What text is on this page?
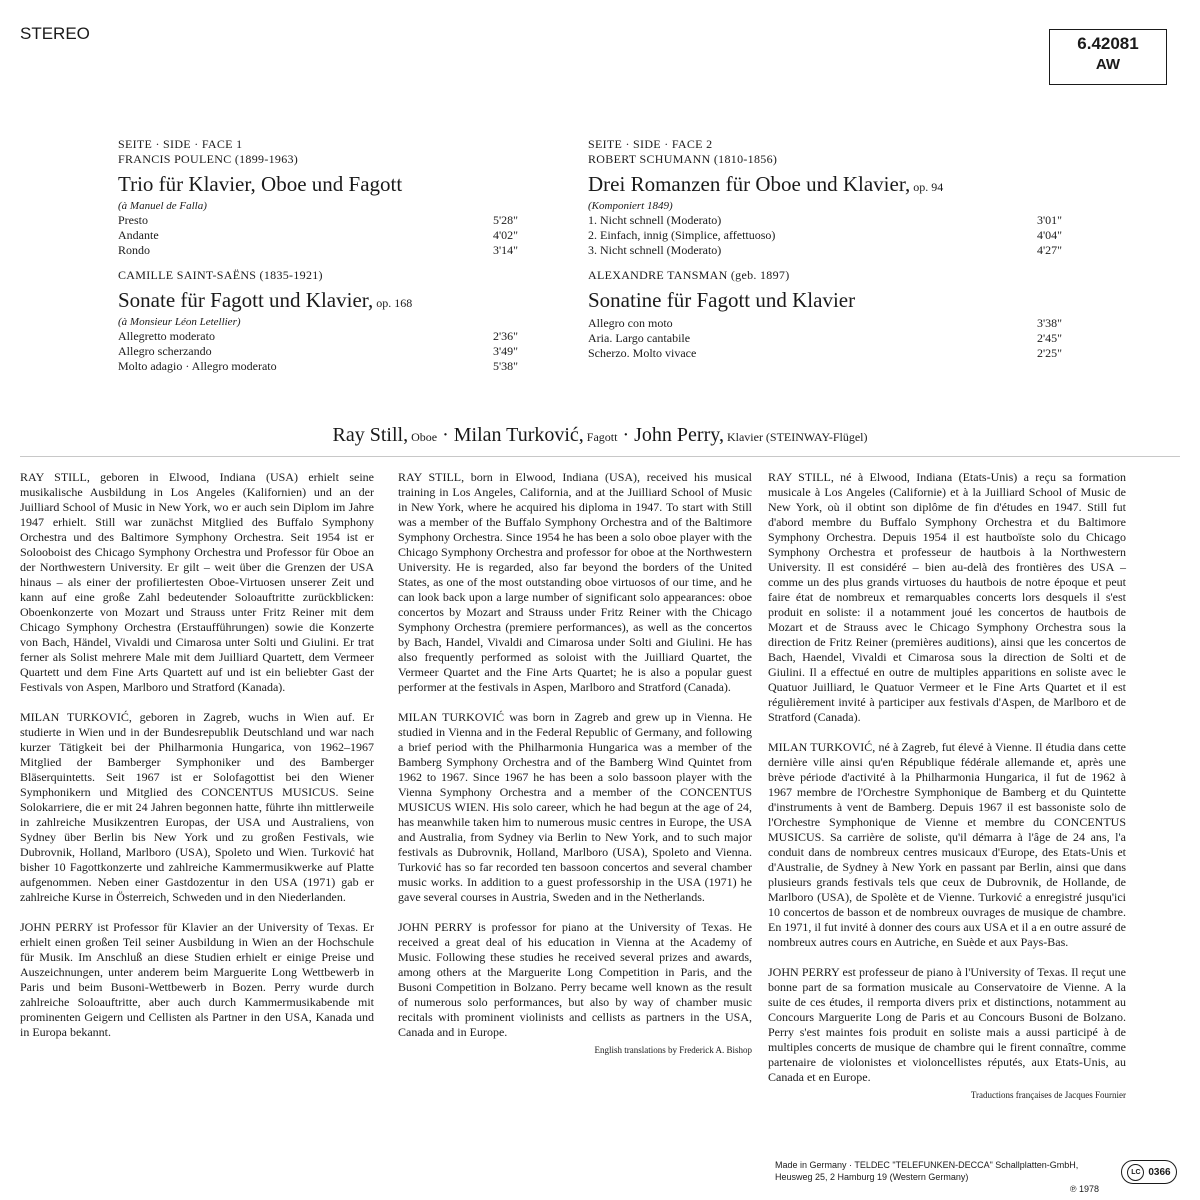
STEREO
6.42081
AW
SEITE · SIDE · FACE 1
FRANCIS POULENC (1899-1963)
Trio für Klavier, Oboe und Fagott
(à Manuel de Falla)
Presto	5'28"
Andante	4'02"
Rondo	3'14"
CAMILLE SAINT-SAËNS (1835-1921)
Sonate für Fagott und Klavier, op. 168
(à Monsieur Léon Letellier)
Allegretto moderato	2'36"
Allegro scherzando	3'49"
Molto adagio · Allegro moderato	5'38"
SEITE · SIDE · FACE 2
ROBERT SCHUMANN (1810-1856)
Drei Romanzen für Oboe und Klavier, op. 94
(Komponiert 1849)
1. Nicht schnell (Moderato)	3'01"
2. Einfach, innig (Simplice, affettuoso)	4'04"
3. Nicht schnell (Moderato)	4'27"
ALEXANDRE TANSMAN (geb. 1897)
Sonatine für Fagott und Klavier
Allegro con moto	3'38"
Aria. Largo cantabile	2'45"
Scherzo. Molto vivace	2'25"
Ray Still, Oboe · Milan Turković, Fagott · John Perry, Klavier (STEINWAY-Flügel)

RAY STILL, geboren in Elwood, Indiana (USA) erhielt seine musikalische Ausbildung in Los Angeles (Kalifornien) und an der Juilliard School of Music in New York, wo er auch sein Diplom im Jahre 1947 erhielt. Still war zunächst Mitglied des Buffalo Symphony Orchestra und des Baltimore Symphony Orchestra. Seit 1954 ist er Solooboist des Chicago Symphony Orchestra und Professor für Oboe an der Northwestern University. Er gilt – weit über die Grenzen der USA hinaus – als einer der profiliertesten Oboe-Virtuosen unserer Zeit und kann auf eine große Zahl bedeutender Soloauftritte zurückblicken: Oboenkonzerte von Mozart und Strauss unter Fritz Reiner mit dem Chicago Symphony Orchestra (Erstaufführungen) sowie die Konzerte von Bach, Händel, Vivaldi und Cimarosa unter Solti und Giulini. Er trat ferner als Solist mehrere Male mit dem Juilliard Quartett, dem Vermeer Quartett und dem Fine Arts Quartett auf und ist ein beliebter Gast der Festivals von Aspen, Marlboro und Stratford (Kanada).

MILAN TURKOVIĆ, geboren in Zagreb, wuchs in Wien auf. Er studierte in Wien und in der Bundesrepublik Deutschland und war nach kurzer Tätigkeit bei der Philharmonia Hungarica, von 1962–1967 Mitglied der Bamberger Symphoniker und des Bamberger Bläserquintetts. Seit 1967 ist er Solofagottist bei den Wiener Symphonikern und Mitglied des CONCENTUS MUSICUS. Seine Solokarriere, die er mit 24 Jahren begonnen hatte, führte ihn mittlerweile in zahlreiche Musikzentren Europas, der USA und Australiens, von Sydney über Berlin bis New York und zu großen Festivals, wie Dubrovnik, Holland, Marlboro (USA), Spoleto und Wien. Turković hat bisher 10 Fagottkonzerte und zahlreiche Kammermusikwerke auf Platte aufgenommen. Neben einer Gastdozentur in den USA (1971) gab er zahlreiche Kurse in Österreich, Schweden und in den Niederlanden.

JOHN PERRY ist Professor für Klavier an der University of Texas. Er erhielt einen großen Teil seiner Ausbildung in Wien an der Hochschule für Musik. Im Anschluß an diese Studien erhielt er einige Preise und Auszeichnungen, unter anderem beim Marguerite Long Wettbewerb in Paris und beim Busoni-Wettbewerb in Bozen. Perry wurde durch zahlreiche Soloauftritte, aber auch durch Kammermusikabende mit prominenten Geigern und Cellisten als Partner in den USA, Kanada und in Europa bekannt.

RAY STILL, born in Elwood, Indiana (USA), received his musical training in Los Angeles, California, and at the Juilliard School of Music in New York, where he acquired his diploma in 1947. To start with Still was a member of the Buffalo Symphony Orchestra and of the Baltimore Symphony Orchestra. Since 1954 he has been a solo oboe player with the Chicago Symphony Orchestra and professor for oboe at the Northwestern University. He is regarded, also far beyond the borders of the United States, as one of the most outstanding oboe virtuosos of our time, and he can look back upon a large number of significant solo appearances: oboe concertos by Mozart and Strauss under Fritz Reiner with the Chicago Symphony Orchestra (premiere performances), as well as the concertos by Bach, Handel, Vivaldi and Cimarosa under Solti and Giulini. He has also frequently performed as soloist with the Juilliard Quartet, the Vermeer Quartet and the Fine Arts Quartet; he is also a popular guest performer at the festivals in Aspen, Marlboro and Stratford (Canada).

MILAN TURKOVIĆ was born in Zagreb and grew up in Vienna. He studied in Vienna and in the Federal Republic of Germany, and following a brief period with the Philharmonia Hungarica was a member of the Bamberg Symphony Orchestra and of the Bamberg Wind Quintet from 1962 to 1967. Since 1967 he has been a solo bassoon player with the Vienna Symphony Orchestra and a member of the CONCENTUS MUSICUS WIEN. His solo career, which he had begun at the age of 24, has meanwhile taken him to numerous music centres in Europe, the USA and Australia, from Sydney via Berlin to New York, and to such major festivals as Dubrovnik, Holland, Marlboro (USA), Spoleto and Vienna. Turković has so far recorded ten bassoon concertos and several chamber music works. In addition to a guest professorship in the USA (1971) he gave several courses in Austria, Sweden and in the Netherlands.

JOHN PERRY is professor for piano at the University of Texas. He received a great deal of his education in Vienna at the Academy of Music. Following these studies he received several prizes and awards, among others at the Marguerite Long Competition in Paris, and the Busoni Competition in Bolzano. Perry became well known as the result of numerous solo performances, but also by way of chamber music recitals with prominent violinists and cellists as partners in the USA, Canada and in Europe.

English translations by Frederick A. Bishop

RAY STILL, né à Elwood, Indiana (Etats-Unis) a reçu sa formation musicale à Los Angeles (Californie) et à la Juilliard School of Music de New York, où il obtint son diplôme de fin d'études en 1947. Still fut d'abord membre du Buffalo Symphony Orchestra et du Baltimore Symphony Orchestra. Depuis 1954 il est hautboïste solo du Chicago Symphony Orchestra et professeur de hautbois à la Northwestern University. Il est considéré – bien au-delà des frontières des USA – comme un des plus grands virtuoses du hautbois de notre époque et peut faire état de nombreux et remarquables concerts lors desquels il s'est produit en soliste: il a notamment joué les concertos de hautbois de Mozart et de Strauss avec le Chicago Symphony Orchestra sous la direction de Fritz Reiner (premières auditions), ainsi que les concertos de Bach, Haendel, Vivaldi et Cimarosa sous la direction de Solti et de Giulini. Il a effectué en outre de multiples apparitions en soliste avec le Quatuor Juilliard, le Quatuor Vermeer et le Fine Arts Quartet et il est régulièrement invité à participer aux festivals d'Aspen, de Marlboro et de Stratford (Canada).

MILAN TURKOVIĆ, né à Zagreb, fut élevé à Vienne. Il étudia dans cette dernière ville ainsi qu'en République fédérale allemande et, après une brève période d'activité à la Philharmonia Hungarica, il fut de 1962 à 1967 membre de l'Orchestre Symphonique de Bamberg et du Quintette d'instruments à vent de Bamberg. Depuis 1967 il est bassoniste solo de l'Orchestre Symphonique de Vienne et membre du CONCENTUS MUSICUS. Sa carrière de soliste, qu'il démarra à l'âge de 24 ans, l'a conduit dans de nombreux centres musicaux d'Europe, des Etats-Unis et d'Australie, de Sydney à New York en passant par Berlin, ainsi que dans plusieurs grands festivals tels que ceux de Dubrovnik, de Hollande, de Marlboro (USA), de Spolète et de Vienne. Turković a enregistré jusqu'ici 10 concertos de basson et de nombreux ouvrages de musique de chambre. En 1971, il fut invité à donner des cours aux USA et il a en outre assuré de nombreux autres cours en Autriche, en Suède et aux Pays-Bas.

JOHN PERRY est professeur de piano à l'University of Texas. Il reçut une bonne part de sa formation musicale au Conservatoire de Vienne. A la suite de ces études, il remporta divers prix et distinctions, notamment au Concours Marguerite Long de Paris et au Concours Busoni de Bolzano. Perry s'est maintes fois produit en soliste mais a aussi participé à de multiples concerts de musique de chambre qui le firent connaître, comme partenaire de violonistes et violoncellistes réputés, aux Etats-Unis, au Canada et en Europe.

Traductions françaises de Jacques Fournier
Made in Germany · TELDEC "TELEFUNKEN-DECCA" Schallplatten-GmbH,
Heusweg 25, 2 Hamburg 19 (Western Germany)
℗ 1978
LC 0366
